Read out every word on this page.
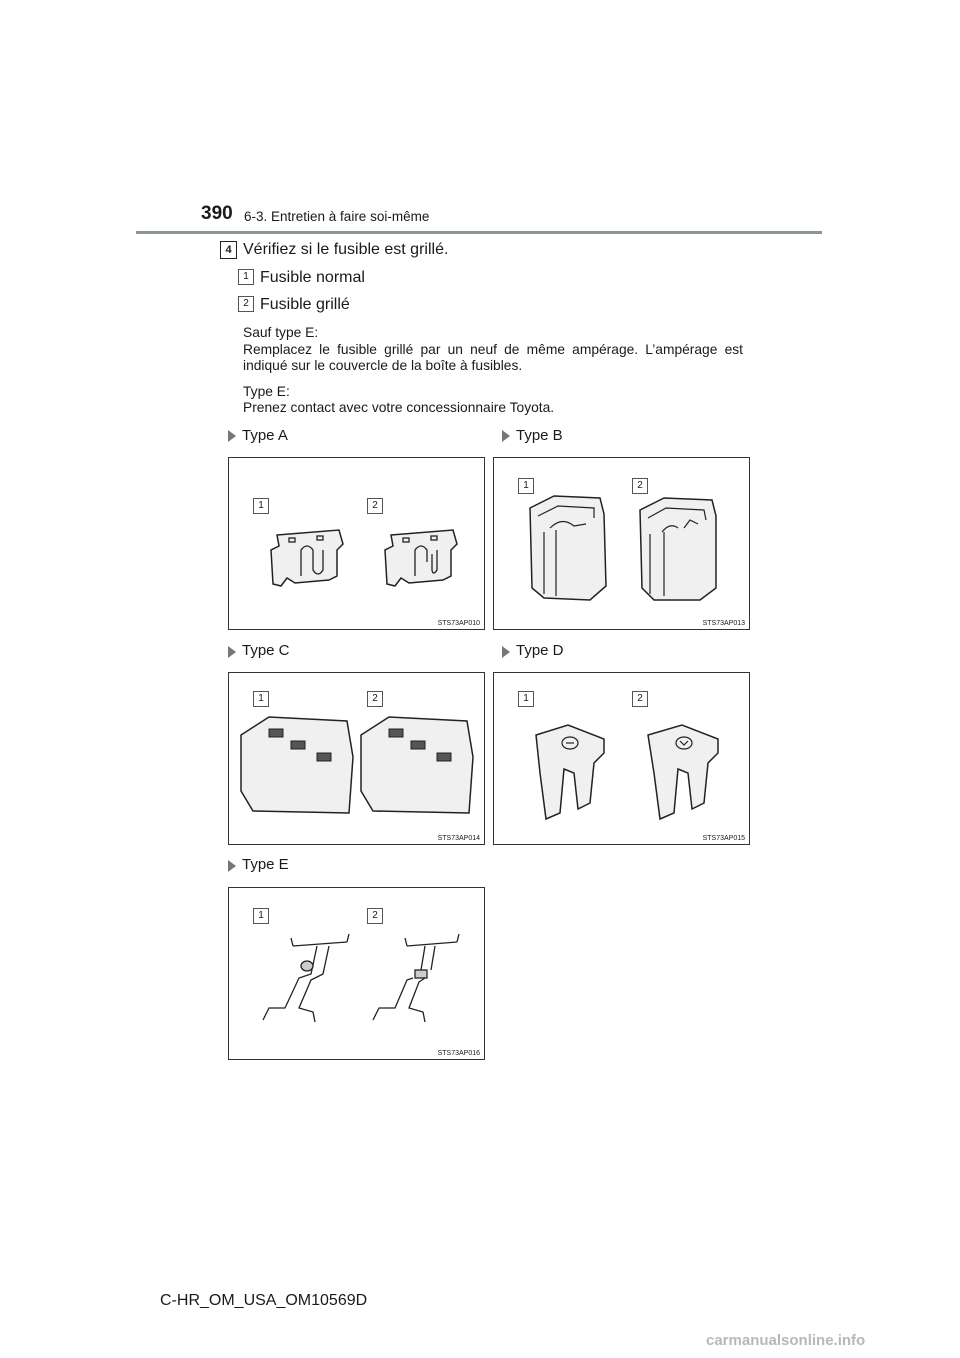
390 6-3. Entretien à faire soi-même
4 Vérifiez si le fusible est grillé.
1 Fusible normal
2 Fusible grillé
Sauf type E:
Remplacez le fusible grillé par un neuf de même ampérage. L’ampérage est indiqué sur le couvercle de la boîte à fusibles.
Type E:
Prenez contact avec votre concessionnaire Toyota.
Type A	Type B
1	2
STS73AP010
1	2
STS73AP013
Type C	Type D
1	2
STS73AP014
1	2
STS73AP015
Type E
1	2
STS73AP016
C-HR_OM_USA_OM10569D
carmanualsonline.info
